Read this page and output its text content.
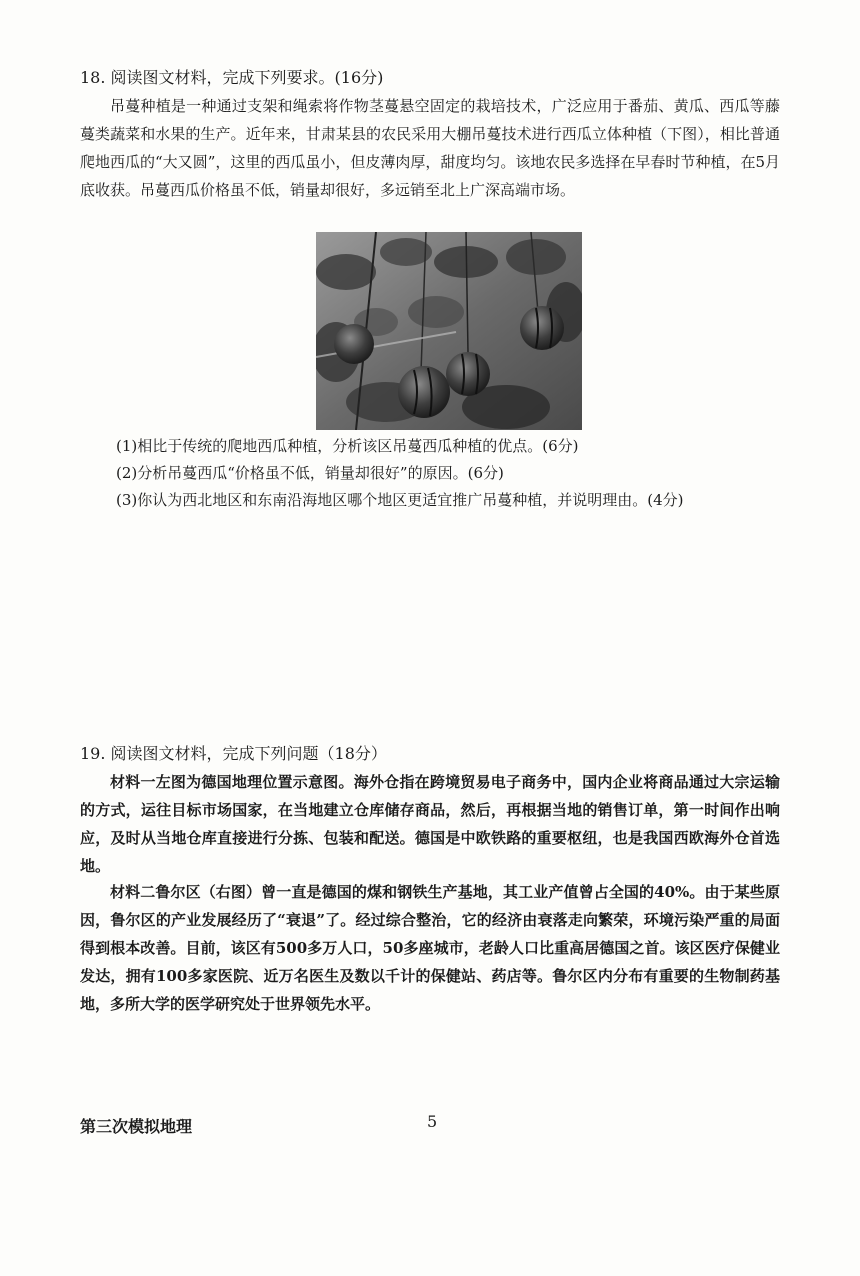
18. 阅读图文材料，完成下列要求。(16分)
吊蔓种植是一种通过支架和绳索将作物茎蔓悬空固定的栽培技术，广泛应用于番茄、黄瓜、西瓜等藤蔓类蔬菜和水果的生产。近年来，甘肃某县的农民采用大棚吊蔓技术进行西瓜立体种植（下图），相比普通爬地西瓜的“大又圆”，这里的西瓜虽小，但皮薄肉厚，甜度均匀。该地农民多选择在早春时节种植，在5月底收获。吊蔓西瓜价格虽不低，销量却很好，多远销至北上广深高端市场。
(1)相比于传统的爬地西瓜种植，分析该区吊蔓西瓜种植的优点。(6分)
(2)分析吊蔓西瓜“价格虽不低，销量却很好”的原因。(6分)
(3)你认为西北地区和东南沿海地区哪个地区更适宜推广吊蔓种植，并说明理由。(4分)
19. 阅读图文材料，完成下列问题（18分）
材料一左图为德国地理位置示意图。海外仓指在跨境贸易电子商务中，国内企业将商品通过大宗运输的方式，运往目标市场国家，在当地建立仓库储存商品，然后，再根据当地的销售订单，第一时间作出响应，及时从当地仓库直接进行分拣、包装和配送。德国是中欧铁路的重要枢纽，也是我国西欧海外仓首选地。
材料二鲁尔区（右图）曾一直是德国的煤和钢铁生产基地，其工业产值曾占全国的40%。由于某些原因，鲁尔区的产业发展经历了“衰退”了。经过综合整治，它的经济由衰落走向繁荣，环境污染严重的局面得到根本改善。目前，该区有500多万人口，50多座城市，老龄人口比重高居德国之首。该区医疗保健业发达，拥有100多家医院、近万名医生及数以千计的保健站、药店等。鲁尔区内分布有重要的生物制药基地，多所大学的医学研究处于世界领先水平。
第三次模拟地理	5
